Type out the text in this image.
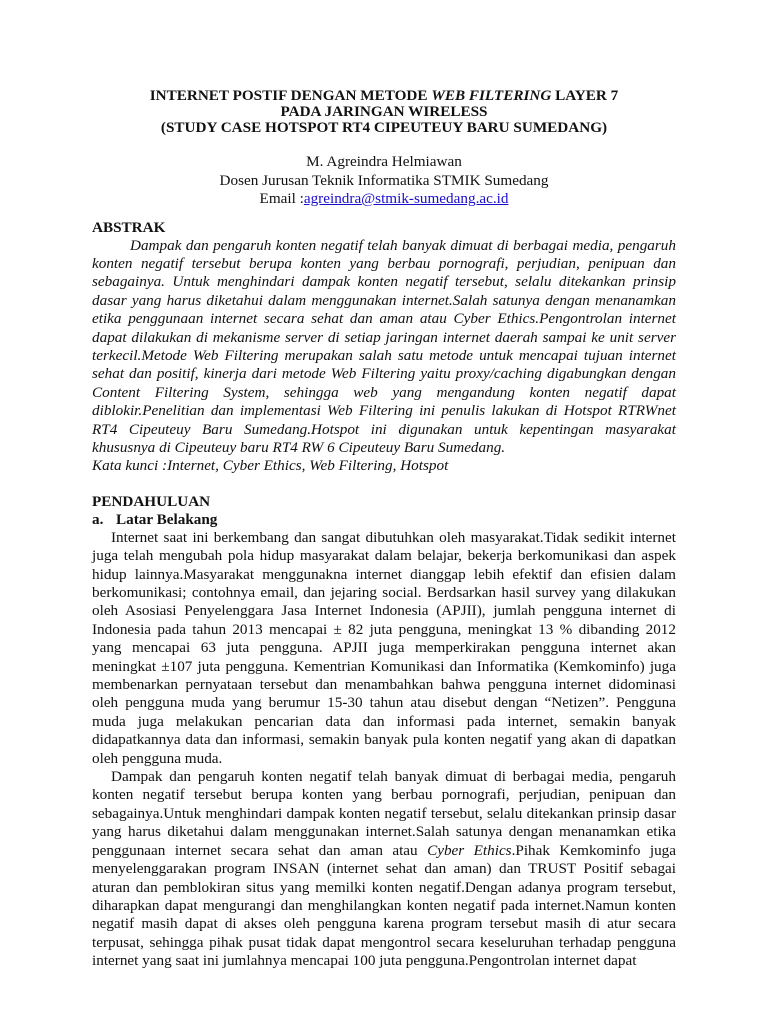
INTERNET POSTIF DENGAN METODE WEB FILTERING LAYER 7
PADA JARINGAN WIRELESS
(STUDY CASE HOTSPOT RT4 CIPEUTEUY BARU SUMEDANG)
M. Agreindra Helmiawan
Dosen Jurusan Teknik Informatika STMIK Sumedang
Email :agreindra@stmik-sumedang.ac.id
ABSTRAK
Dampak dan pengaruh konten negatif telah banyak dimuat di berbagai media, pengaruh konten negatif tersebut berupa konten yang berbau pornografi, perjudian, penipuan dan sebagainya. Untuk menghindari dampak konten negatif tersebut, selalu ditekankan prinsip dasar yang harus diketahui dalam menggunakan internet.Salah satunya dengan menanamkan etika penggunaan internet secara sehat dan aman atau Cyber Ethics.Pengontrolan internet dapat dilakukan di mekanisme server di setiap jaringan internet daerah sampai ke unit server terkecil.Metode Web Filtering merupakan salah satu metode untuk mencapai tujuan internet sehat dan positif, kinerja dari metode Web Filtering yaitu proxy/caching digabungkan dengan Content Filtering System, sehingga web yang mengandung konten negatif dapat diblokir.Penelitian dan implementasi Web Filtering ini penulis lakukan di Hotspot RTRWnet RT4 Cipeuteuy Baru Sumedang.Hotspot ini digunakan untuk kepentingan masyarakat khususnya di Cipeuteuy baru RT4 RW 6 Cipeuteuy Baru Sumedang.
Kata kunci :Internet, Cyber Ethics, Web Filtering, Hotspot
PENDAHULUAN
a. Latar Belakang
Internet saat ini berkembang dan sangat dibutuhkan oleh masyarakat.Tidak sedikit internet juga telah mengubah pola hidup masyarakat dalam belajar, bekerja berkomunikasi dan aspek hidup lainnya.Masyarakat menggunakna internet dianggap lebih efektif dan efisien dalam berkomunikasi; contohnya email, dan jejaring social. Berdsarkan hasil survey yang dilakukan oleh Asosiasi Penyelenggara Jasa Internet Indonesia (APJII), jumlah pengguna internet di Indonesia pada tahun 2013 mencapai ± 82 juta pengguna, meningkat 13 % dibanding 2012 yang mencapai 63 juta pengguna. APJII juga memperkirakan pengguna internet akan meningkat ±107 juta pengguna. Kementrian Komunikasi dan Informatika (Kemkominfo) juga membenarkan pernyataan tersebut dan menambahkan bahwa pengguna internet didominasi oleh pengguna muda yang berumur 15-30 tahun atau disebut dengan “Netizen”. Pengguna muda juga melakukan pencarian data dan informasi pada internet, semakin banyak didapatkannya data dan informasi, semakin banyak pula konten negatif yang akan di dapatkan oleh pengguna muda.
Dampak dan pengaruh konten negatif telah banyak dimuat di berbagai media, pengaruh konten negatif tersebut berupa konten yang berbau pornografi, perjudian, penipuan dan sebagainya.Untuk menghindari dampak konten negatif tersebut, selalu ditekankan prinsip dasar yang harus diketahui dalam menggunakan internet.Salah satunya dengan menanamkan etika penggunaan internet secara sehat dan aman atau Cyber Ethics.Pihak Kemkominfo juga menyelenggarakan program INSAN (internet sehat dan aman) dan TRUST Positif sebagai aturan dan pemblokiran situs yang memilki konten negatif.Dengan adanya program tersebut, diharapkan dapat mengurangi dan menghilangkan konten negatif pada internet.Namun konten negatif masih dapat di akses oleh pengguna karena program tersebut masih di atur secara terpusat, sehingga pihak pusat tidak dapat mengontrol secara keseluruhan terhadap pengguna internet yang saat ini jumlahnya mencapai 100 juta pengguna.Pengontrolan internet dapat
